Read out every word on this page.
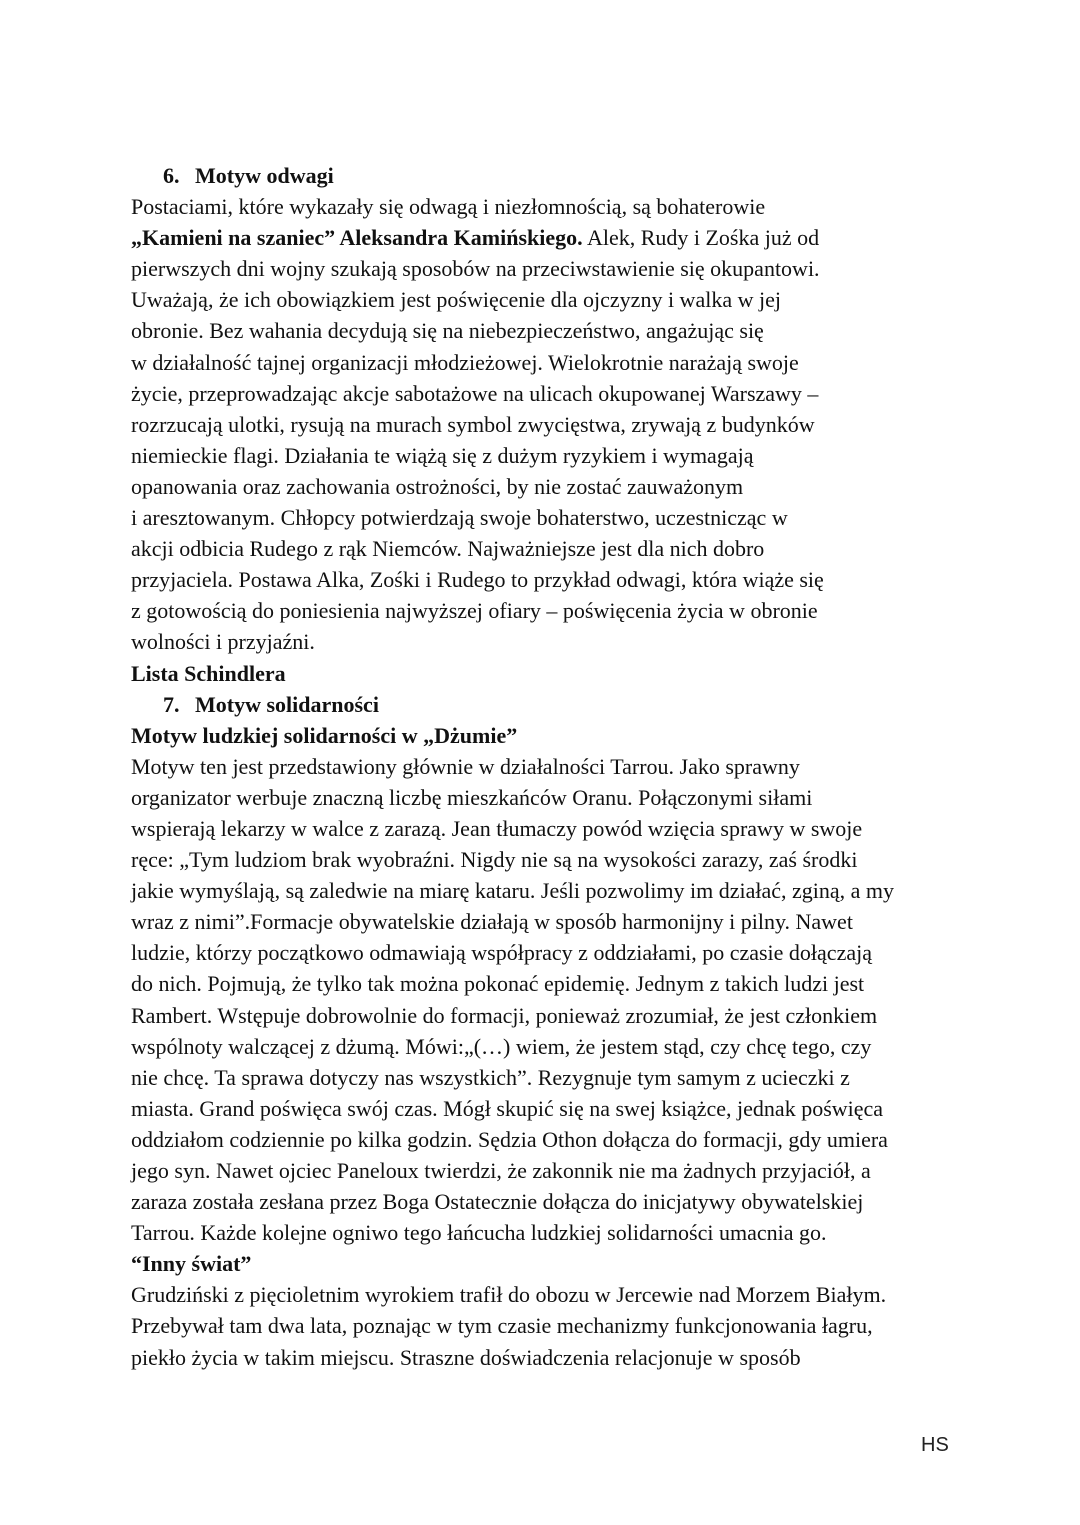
6. Motyw odwagi
Postaciami, które wykazały się odwagą i niezłomnością, są bohaterowie
„Kamieni na szaniec” Aleksandra Kamińskiego. Alek, Rudy i Zośka już od
pierwszych dni wojny szukają sposobów na przeciwstawienie się okupantowi.
Uważają, że ich obowiązkiem jest poświęcenie dla ojczyzny i walka w jej
obronie. Bez wahania decydują się na niebezpieczeństwo, angażując się
w działalność tajnej organizacji młodzieżowej. Wielokrotnie narażają swoje
życie, przeprowadzając akcje sabotażowe na ulicach okupowanej Warszawy –
rozrzucają ulotki, rysują na murach symbol zwycięstwa, zrywają z budynków
niemieckie flagi. Działania te wiążą się z dużym ryzykiem i wymagają
opanowania oraz zachowania ostrożności, by nie zostać zauważonym
i aresztowanym. Chłopcy potwierdzają swoje bohaterstwo, uczestnicząc w
akcji odbicia Rudego z rąk Niemców. Najważniejsze jest dla nich dobro
przyjaciela. Postawa Alka, Zośki i Rudego to przykład odwagi, która wiąże się
z gotowością do poniesienia najwyższej ofiary – poświęcenia życia w obronie
wolności i przyjaźni.
Lista Schindlera
7. Motyw solidarności
Motyw ludzkiej solidarności w „Dżumie”
Motyw ten jest przedstawiony głównie w działalności Tarrou. Jako sprawny
organizator werbuje znaczną liczbę mieszkańców Oranu. Połączonymi siłami
wspierają lekarzy w walce z zarazą. Jean tłumaczy powód wzięcia sprawy w swoje
ręce: „Tym ludziom brak wyobraźni. Nigdy nie są na wysokości zarazy, zaś środki
jakie wymyślają, są zaledwie na miarę kataru. Jeśli pozwolimy im działać, zginą, a my
wraz z nimi”.Formacje obywatelskie działają w sposób harmonijny i pilny. Nawet
ludzie, którzy początkowo odmawiają współpracy z oddziałami, po czasie dołączają
do nich. Pojmują, że tylko tak można pokonać epidemię. Jednym z takich ludzi jest
Rambert. Wstępuje dobrowolnie do formacji, ponieważ zrozumiał, że jest członkiem
wspólnoty walczącej z dżumą. Mówi:„(…) wiem, że jestem stąd, czy chcę tego, czy
nie chcę. Ta sprawa dotyczy nas wszystkich”. Rezygnuje tym samym z ucieczki z
miasta. Grand poświęca swój czas. Mógł skupić się na swej książce, jednak poświęca
oddziałom codziennie po kilka godzin. Sędzia Othon dołącza do formacji, gdy umiera
jego syn. Nawet ojciec Paneloux twierdzi, że zakonnik nie ma żadnych przyjaciół, a
zaraza została zesłana przez Boga Ostatecznie dołącza do inicjatywy obywatelskiej
Tarrou. Każde kolejne ogniwo tego łańcucha ludzkiej solidarności umacnia go.
“Inny świat”
Grudziński z pięcioletnim wyrokiem trafił do obozu w Jercewie nad Morzem Białym.
Przebywał tam dwa lata, poznając w tym czasie mechanizmy funkcjonowania łagru,
piekło życia w takim miejscu. Straszne doświadczenia relacjonuje w sposób
HS
